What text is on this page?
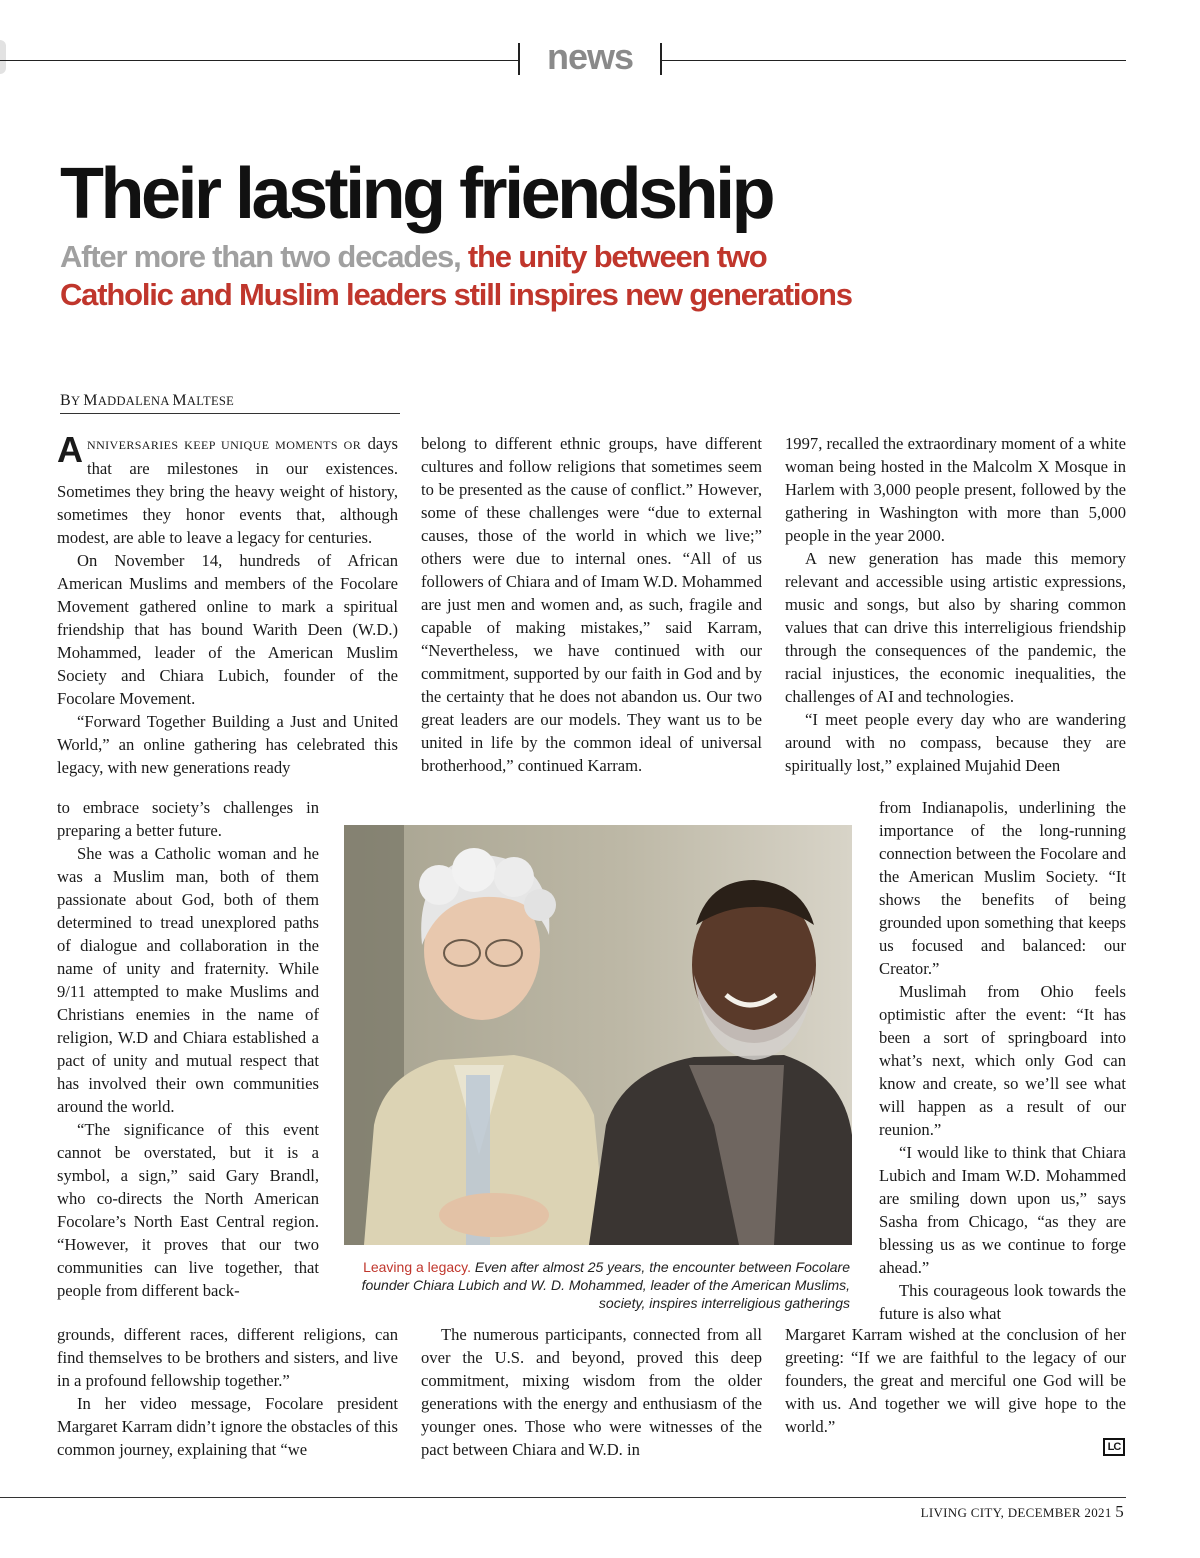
news
Their lasting friendship
After more than two decades, the unity between two
Catholic and Muslim leaders still inspires new generations
BY MADDALENA MALTESE

ANNIVERSARIES KEEP UNIQUE MOMENTS OR days that are milestones in our existences. Sometimes they bring the heavy weight of history, sometimes they honor events that, although modest, are able to leave a legacy for centuries.

On November 14, hundreds of African American Muslims and members of the Focolare Movement gathered online to mark a spiritual friendship that has bound Warith Deen (W.D.) Mohammed, leader of the American Muslim Society and Chiara Lubich, founder of the Focolare Movement.

“Forward Together Building a Just and United World,” an online gathering has celebrated this legacy, with new generations ready

to embrace society’s challenges in preparing a better future.

She was a Catholic woman and he was a Muslim man, both of them passionate about God, both of them determined to tread unexplored paths of dialogue and collaboration in the name of unity and fraternity. While 9/11 attempted to make Muslims and Christians enemies in the name of religion, W.D and Chiara established a pact of unity and mutual respect that has involved their own communities around the world.

“The significance of this event cannot be overstated, but it is a symbol, a sign,” said Gary Brandl, who co-directs the North American Focolare’s North East Central region. “However, it proves that our two communities can live together, that people from different back-

grounds, different races, different religions, can find themselves to be brothers and sisters, and live in a profound fellowship together.”

In her video message, Focolare president Margaret Karram didn’t ignore the obstacles of this common journey, explaining that “we

belong to different ethnic groups, have different cultures and follow religions that sometimes seem to be presented as the cause of conflict.” However, some of these challenges were “due to external causes, those of the world in which we live;” others were due to internal ones. “All of us followers of Chiara and of Imam W.D. Mohammed are just men and women and, as such, fragile and capable of making mistakes,” said Karram, “Nevertheless, we have continued with our commitment, supported by our faith in God and by the certainty that he does not abandon us. Our two great leaders are our models. They want us to be united in life by the common ideal of universal brotherhood,” continued Karram.

The numerous participants, connected from all over the U.S. and beyond, proved this deep commitment, mixing wisdom from the older generations with the energy and enthusiasm of the younger ones. Those who were witnesses of the pact between Chiara and W.D. in

1997, recalled the extraordinary moment of a white woman being hosted in the Malcolm X Mosque in Harlem with 3,000 people present, followed by the gathering in Washington with more than 5,000 people in the year 2000.

A new generation has made this memory relevant and accessible using artistic expressions, music and songs, but also by sharing common values that can drive this interreligious friendship through the consequences of the pandemic, the racial injustices, the economic inequalities, the challenges of AI and technologies.

“I meet people every day who are wandering around with no compass, because they are spiritually lost,” explained Mujahid Deen

from Indianapolis, underlining the importance of the long-running connection between the Focolare and the American Muslim Society. “It shows the benefits of being grounded upon something that keeps us focused and balanced: our Creator.”

Muslimah from Ohio feels optimistic after the event: “It has been a sort of springboard into what’s next, which only God can know and create, so we’ll see what will happen as a result of our reunion.”

“I would like to think that Chiara Lubich and Imam W.D. Mohammed are smiling down upon us,” says Sasha from Chicago, “as they are blessing us as we continue to forge ahead.”

This courageous look towards the future is also what

Margaret Karram wished at the conclusion of her greeting: “If we are faithful to the legacy of our founders, the great and merciful one God will be with us. And together we will give hope to the world.”

Leaving a legacy. Even after almost 25 years, the encounter between Focolare founder Chiara Lubich and W. D. Mohammed, leader of the American Muslims, society, inspires interreligious gatherings
LC
LIVING CITY, DECEMBER 2021 5
